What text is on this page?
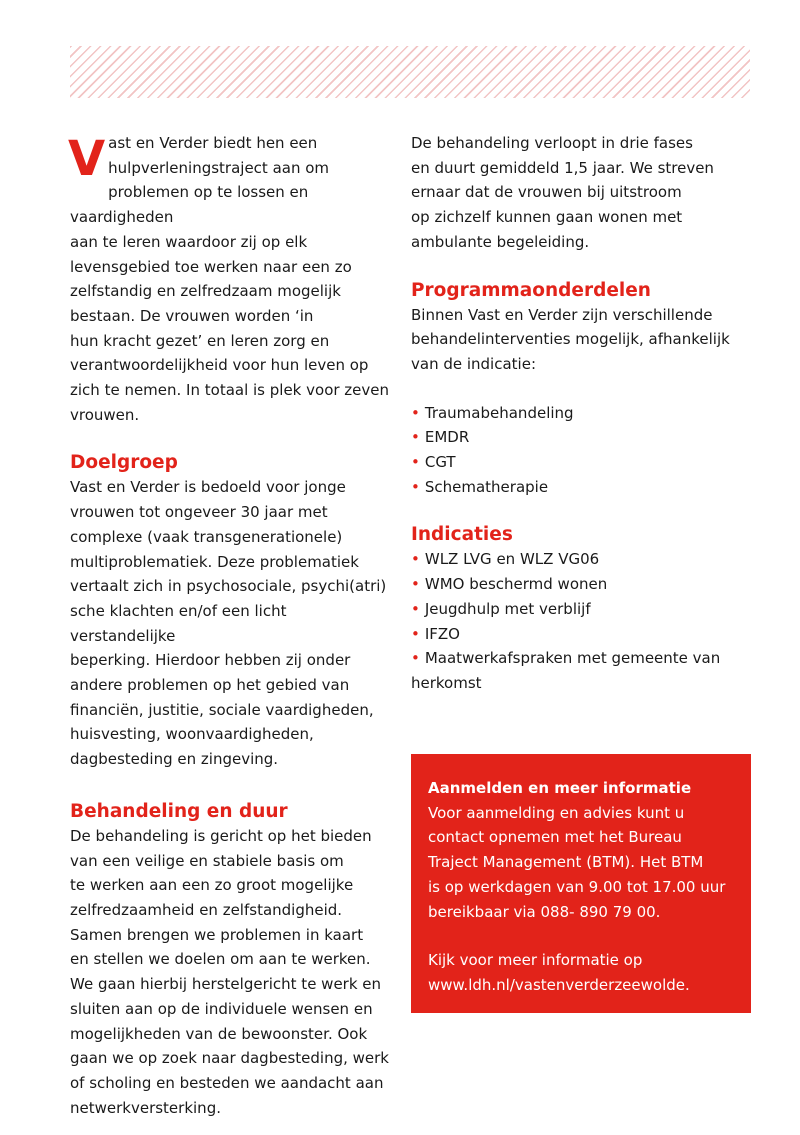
Vast en Verder biedt hen een
hulpverleningstraject aan om
problemen op te lossen en vaardigheden
aan te leren waardoor zij op elk
levensgebied toe werken naar een zo
zelfstandig en zelfredzaam mogelijk
bestaan. De vrouwen worden ‘in
hun kracht gezet’ en leren zorg en
verantwoordelijkheid voor hun leven op
zich te nemen. In totaal is plek voor zeven
vrouwen.

Doelgroep

Vast en Verder is bedoeld voor jonge
vrouwen tot ongeveer 30 jaar met
complexe (vaak transgenerationele)
multiproblematiek. Deze problematiek
vertaalt zich in psychosociale, psychi(atri)
sche klachten en/of een licht verstandelijke
beperking. Hierdoor hebben zij onder
andere problemen op het gebied van
financiën, justitie, sociale vaardigheden,
huisvesting, woonvaardigheden,
dagbesteding en zingeving.

Behandeling en duur

De behandeling is gericht op het bieden
van een veilige en stabiele basis om
te werken aan een zo groot mogelijke
zelfredzaamheid en zelfstandigheid.
Samen brengen we problemen in kaart
en stellen we doelen om aan te werken.
We gaan hierbij herstelgericht te werk en
sluiten aan op de individuele wensen en
mogelijkheden van de bewoonster. Ook
gaan we op zoek naar dagbesteding, werk
of scholing en besteden we aandacht aan
netwerkversterking.

De behandeling verloopt in drie fases
en duurt gemiddeld 1,5 jaar. We streven
ernaar dat de vrouwen bij uitstroom
op zichzelf kunnen gaan wonen met
ambulante begeleiding.

Programmaonderdelen

Binnen Vast en Verder zijn verschillende
behandelinterventies mogelijk, afhankelijk
van de indicatie:

• Traumabehandeling
• EMDR
• CGT
• Schematherapie
Indicaties
• WLZ LVG en WLZ VG06
• WMO beschermd wonen
• Jeugdhulp met verblijf
• IFZO
• Maatwerkafspraken met gemeente van
herkomst

Aanmelden en meer informatie

Voor aanmelding en advies kunt u
contact opnemen met het Bureau
Traject Management (BTM). Het BTM
is op werkdagen van 9.00 tot 17.00 uur
bereikbaar via 088- 890 79 00.

Kijk voor meer informatie op
www.ldh.nl/vastenverderzeewolde.
